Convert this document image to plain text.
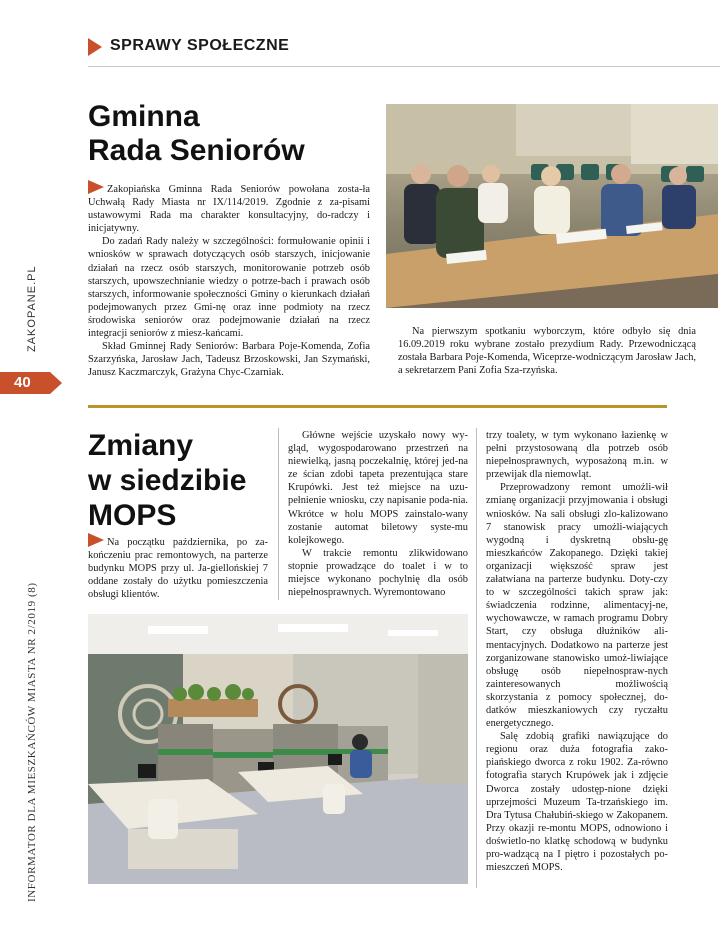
SPRAWY SPOŁECZNE
ZAKOPANE.PL
40
INFORMATOR DLA MIESZKAŃCÓW MIASTA NR 2/2019 (8)
Gminna
Rada Seniorów

Zakopiańska Gminna Rada Seniorów powołana zosta-ła Uchwałą Rady Miasta nr IX/114/2019. Zgodnie z za-pisami ustawowymi Rada ma charakter konsultacyjny, do-radczy i inicjatywny.

Do zadań Rady należy w szczególności: formułowanie opinii i wniosków w sprawach dotyczących osób starszych, inicjowanie działań na rzecz osób starszych, monitorowanie potrzeb osób starszych, upowszechnianie wiedzy o potrze-bach i prawach osób starszych, informowanie społeczności Gminy o kierunkach działań podejmowanych przez Gmi-nę oraz inne podmioty na rzecz środowiska seniorów oraz podejmowanie działań na rzecz integracji seniorów z miesz-kańcami.

Skład Gminnej Rady Seniorów: Barbara Poje-Komenda, Zofia Szarzyńska, Jarosław Jach, Tadeusz Brzoskowski, Jan Szymański, Janusz Kaczmarczyk, Grażyna Chyc-Czarniak.

Na pierwszym spotkaniu wyborczym, które odbyło się dnia 16.09.2019 roku wybrane zostało prezydium Rady. Przewodniczącą została Barbara Poje-Komenda, Wiceprze-wodniczącym Jarosław Jach, a sekretarzem Pani Zofia Sza-rzyńska.

Zmiany
w siedzibie
MOPS

Na początku października, po za-kończeniu prac remontowych, na parterze budynku MOPS przy ul. Ja-giellońskiej 7 oddane zostały do użytku pomieszczenia obsługi klientów.

Główne wejście uzyskało nowy wy-gląd, wygospodarowano przestrzeń na niewielką, jasną poczekalnię, której jed-na ze ścian zdobi tapeta prezentująca stare Krupówki. Jest też miejsce na uzu-pełnienie wniosku, czy napisanie poda-nia. Wkrótce w holu MOPS zainstalo-wany zostanie automat biletowy syste-mu kolejkowego.

W trakcie remontu zlikwidowano stopnie prowadzące do toalet i w to miejsce wykonano pochylnię dla osób niepełnosprawnych. Wyremontowano

trzy toalety, w tym wykonano łazienkę w pełni przystosowaną dla potrzeb osób niepełnosprawnych, wyposażoną m.in. w przewijak dla niemowląt.

Przeprowadzony remont umożli-wił zmianę organizacji przyjmowania i obsługi wniosków. Na sali obsługi zlo-kalizowano 7 stanowisk pracy umożli-wiających wygodną i dyskretną obsłu-gę mieszkańców Zakopanego. Dzięki takiej organizacji większość spraw jest załatwiana na parterze budynku. Doty-czy to w szczególności takich spraw jak: świadczenia rodzinne, alimentacyj-ne, wychowawcze, w ramach programu Dobry Start, czy obsługa dłużników ali-mentacyjnych. Dodatkowo na parterze jest zorganizowane stanowisko umoż-liwiające obsługę osób niepełnospraw-nych zainteresowanych możliwością skorzystania z pomocy społecznej, do-datków mieszkaniowych czy ryczałtu energetycznego.

Salę zdobią grafiki nawiązujące do regionu oraz duża fotografia zako-piańskiego dworca z roku 1902. Za-równo fotografia starych Krupówek jak i zdjęcie Dworca zostały udostęp-nione dzięki uprzejmości Muzeum Ta-trzańskiego im. Dra Tytusa Chałubiń-skiego w Zakopanem. Przy okazji re-montu MOPS, odnowiono i doświetlo-no klatkę schodową w budynku pro-wadzącą na I piętro i pozostałych po-mieszczeń MOPS.
